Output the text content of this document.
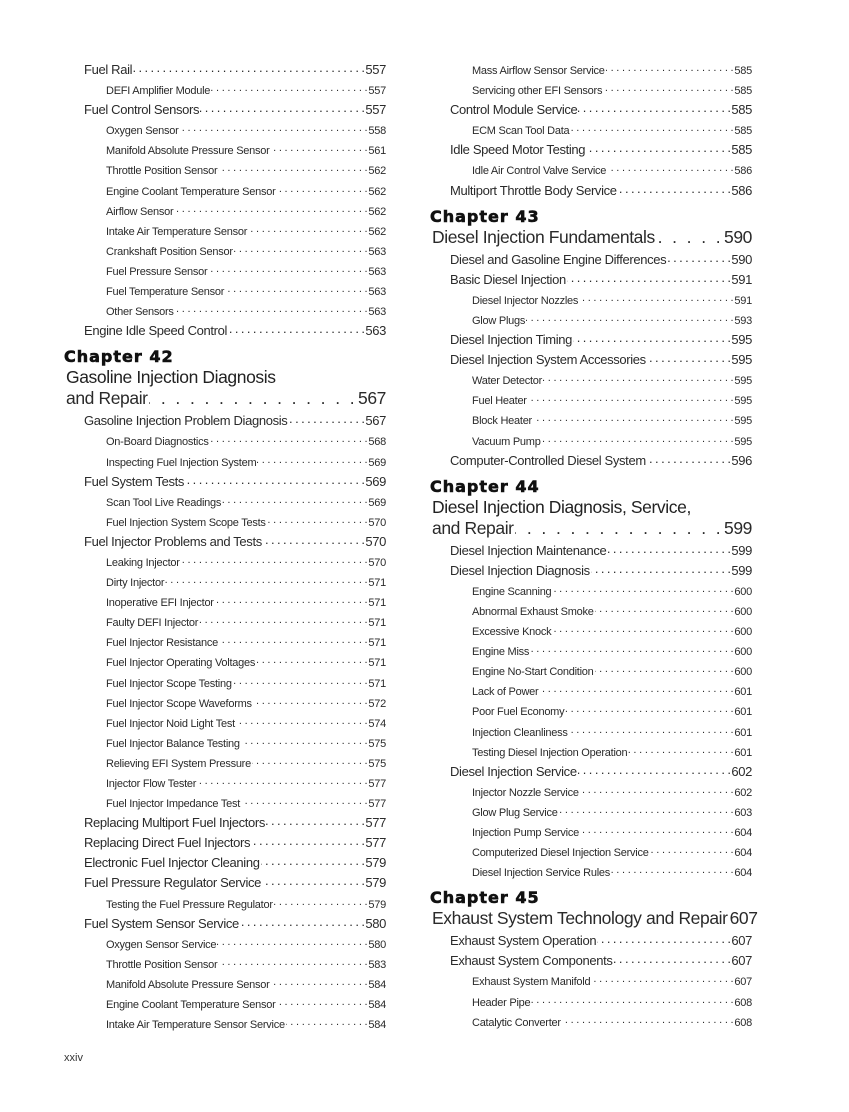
Fuel Rail . . .	557
DEFI Amplifier Module . . .	557
Fuel Control Sensors . . .	557
Oxygen Sensor . . .	558
Manifold Absolute Pressure Sensor . . .	561
Throttle Position Sensor . . .	562
Engine Coolant Temperature Sensor . . .	562
Airflow Sensor . . .	562
Intake Air Temperature Sensor . . .	562
Crankshaft Position Sensor . . .	563
Fuel Pressure Sensor . . .	563
Fuel Temperature Sensor . . .	563
Other Sensors . . .	563
Engine Idle Speed Control . . .	563
Chapter 42
Gasoline Injection Diagnosis
and Repair . . .	567
Gasoline Injection Problem Diagnosis . . .	567
On-Board Diagnostics . . .	568
Inspecting Fuel Injection System . . .	569
Fuel System Tests . . .	569
Scan Tool Live Readings . . .	569
Fuel Injection System Scope Tests . . .	570
Fuel Injector Problems and Tests . . .	570
Leaking Injector . . .	570
Dirty Injector . . .	571
Inoperative EFI Injector . . .	571
Faulty DEFI Injector . . .	571
Fuel Injector Resistance . . .	571
Fuel Injector Operating Voltages . . .	571
Fuel Injector Scope Testing . . .	571
Fuel Injector Scope Waveforms . . .	572
Fuel Injector Noid Light Test . . .	574
Fuel Injector Balance Testing . . .	575
Relieving EFI System Pressure . . .	575
Injector Flow Tester . . .	577
Fuel Injector Impedance Test . . .	577
Replacing Multiport Fuel Injectors . . .	577
Replacing Direct Fuel Injectors . . .	577
Electronic Fuel Injector Cleaning . . .	579
Fuel Pressure Regulator Service . . .	579
Testing the Fuel Pressure Regulator . . .	579
Fuel System Sensor Service . . .	580
Oxygen Sensor Service . . .	580
Throttle Position Sensor . . .	583
Manifold Absolute Pressure Sensor . . .	584
Engine Coolant Temperature Sensor . . .	584
Intake Air Temperature Sensor Service . . .	584
Mass Airflow Sensor Service . . .	585
Servicing other EFI Sensors . . .	585
Control Module Service . . .	585
ECM Scan Tool Data . . .	585
Idle Speed Motor Testing . . .	585
Idle Air Control Valve Service . . .	586
Multiport Throttle Body Service . . .	586
Chapter 43
Diesel Injection Fundamentals . . .	590
Diesel and Gasoline Engine Differences . . .	590
Basic Diesel Injection . . .	591
Diesel Injector Nozzles . . .	591
Glow Plugs . . .	593
Diesel Injection Timing . . .	595
Diesel Injection System Accessories . . .	595
Water Detector . . .	595
Fuel Heater . . .	595
Block Heater . . .	595
Vacuum Pump . . .	595
Computer-Controlled Diesel System . . .	596
Chapter 44
Diesel Injection Diagnosis, Service,
and Repair . . .	599
Diesel Injection Maintenance . . .	599
Diesel Injection Diagnosis . . .	599
Engine Scanning . . .	600
Abnormal Exhaust Smoke . . .	600
Excessive Knock . . .	600
Engine Miss . . .	600
Engine No-Start Condition . . .	600
Lack of Power . . .	601
Poor Fuel Economy . . .	601
Injection Cleanliness . . .	601
Testing Diesel Injection Operation . . .	601
Diesel Injection Service . . .	602
Injector Nozzle Service . . .	602
Glow Plug Service . . .	603
Injection Pump Service . . .	604
Computerized Diesel Injection Service . . .	604
Diesel Injection Service Rules . . .	604
Chapter 45
Exhaust System Technology and Repair 607
Exhaust System Operation . . .	607
Exhaust System Components . . .	607
Exhaust System Manifold . . .	607
Header Pipe . . .	608
Catalytic Converter . . .	608
xxiv
